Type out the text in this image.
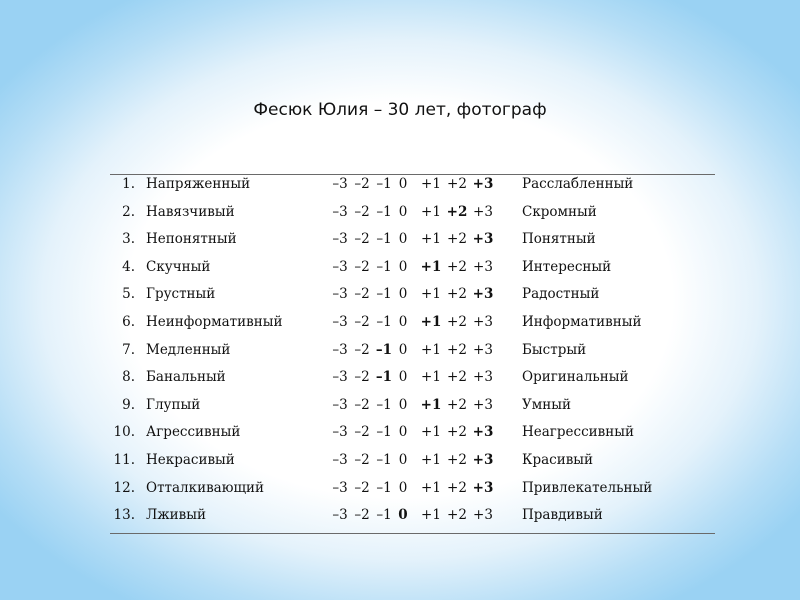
Фесюк Юлия – 30 лет, фотограф
1. Напряженный	–3 –2 –1 0 +1 +2 +3 Расслабленный
2. Навязчивый	–3 –2 –1 0 +1 +2 +3 Скромный
3. Непонятный	–3 –2 –1 0 +1 +2 +3 Понятный
4. Скучный	–3 –2 –1 0 +1 +2 +3 Интересный
5. Грустный	–3 –2 –1 0 +1 +2 +3 Радостный
6. Неинформативный	–3 –2 –1 0 +1 +2 +3 Информативный
7. Медленный	–3 –2 –1 0 +1 +2 +3 Быстрый
8. Банальный	–3 –2 –1 0 +1 +2 +3 Оригинальный
9. Глупый	–3 –2 –1 0 +1 +2 +3 Умный
10. Агрессивный	–3 –2 –1 0 +1 +2 +3 Неагрессивный
11. Некрасивый	–3 –2 –1 0 +1 +2 +3 Красивый
12. Отталкивающий	–3 –2 –1 0 +1 +2 +3 Привлекательный
13. Лживый	–3 –2 –1 0 +1 +2 +3 Правдивый
